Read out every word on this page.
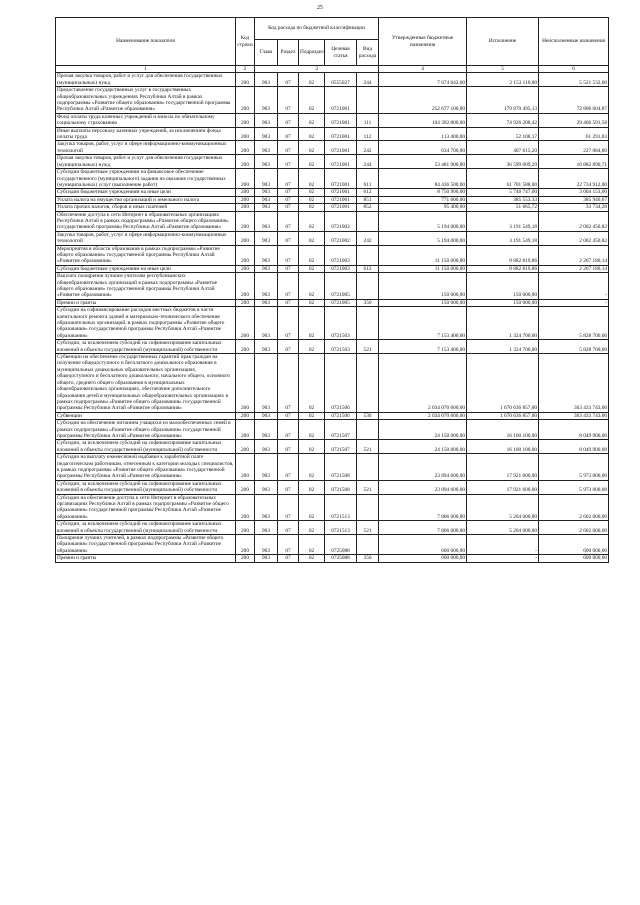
25
Наименование показателя	Код строки	Код расхода по бюджетной классификации					Утвержденные бюджетные назначения	Исполнение	Неисполненные назначения
		Глава	Раздел	Подраздел	Целевая статья	Вид расхода			
1	2	3					4	5	6
Прочая закупка товаров, работ и услуг для обеспечения государственных (муниципальных) нужд	200	903	07	02	0555027	244	7 674 642,00	2 153 110,00	5 521 532,00
Предоставление государственных услуг в государственных общеобразовательных учреждениях Республики Алтай в рамках подпрограммы «Развитие общего образования» государственной программы Республики Алтай «Развитие образования»	200	903	07	02	0721001		252 677 100,00	179 870 495,13	72 806 604,87
Фонд оплаты труда казенных учреждений и взносы по обязательному социальному страхованию	200	903	07	02	0721001	111	104 392 800,00	74 926 208,42	29 466 591,58
Иные выплаты персоналу казенных учреждений, за исключением фонда оплаты труда	200	903	07	02	0721001	112	113 400,00	52 108,17	61 291,83
Закупка товаров, работ, услуг в сфере информационно-коммуникационных технологий	200	903	07	02	0721001	242	634 700,00	407 615,20	227 084,80
Прочая закупка товаров, работ и услуг для обеспечения государственных (муниципальных) нужд	200	903	07	02	0721001	244	53 481 900,00	36 599 009,29	16 882 890,71
Субсидии бюджетным учреждениям на финансовое обеспечение государственного (муниципального) задания на оказание государственных (муниципальных) услуг (выполнение работ)	200	903	07	02	0721001	611	84 436 500,00	61 701 588,00	22 734 912,00
Субсидии бюджетным учреждениям на иные цели	200	903	07	02	0721001	612	8 750 900,00	5 746 747,00	3 004 153,00
Уплата налога на имущество организаций и земельного налога	200	903	07	02	0721001	851	771 600,00	385 553,33	385 946,67
Уплата прочих налогов, сборов и иных платежей	200	903	07	02	0721001	852	95 400,00	51 665,72	33 734,28
Обеспечение доступа к сети Интернет в образовательных организациях Республики Алтай в рамках подпрограммы «Развитие общего образования» государственной программы Республики Алтай «Развитие образования»	200	903	07	02	0721002		5 194 000,00	3 191 549,18	2 002 450,82
Закупка товаров, работ, услуг в сфере информационно-коммуникационных технологий	200	903	07	02	0721002	242	5 194 000,00	3 191 549,18	2 002 450,82
Мероприятия в области образования в рамках подпрограммы «Развитие общего образования» государственной программы Республики Алтай «Развитие образования»	200	903	07	02	0721003		11 150 000,00	8 882 819,86	2 267 180,14
Субсидии бюджетным учреждениям на иные цели	200	903	07	02	0721003	612	11 150 000,00	8 882 819,86	2 267 180,14
Выплата поощрения лучшим учителям республиканских общеобразовательных организаций в рамках подпрограммы «Развитие общего образования» государственной программы Республики Алтай «Развитие образования»	200	903	07	02	0721005		150 000,00	150 000,00	-
Премии и гранты	200	903	07	02	0721005	350	150 000,00	150 000,00	-
Субсидии на софинансирование расходов местных бюджетов в части капитального ремонта зданий и материально-технического обеспечения образовательных организаций, в рамках подпрограммы «Развитие общего образования» государственной программы Республики Алтай «Развитие образования»	200	903	07	02	0721503		7 153 400,00	1 324 700,00	5 828 700,00
Субсидии, за исключением субсидий на софинансирование капитальных вложений в объекты государственной (муниципальной) собственности	200	903	07	02	0721503	521	7 153 400,00	1 324 700,00	5 828 700,00
Субвенции на обеспечение государственных гарантий прав граждан на получение общедоступного и бесплатного дошкольного образования в муниципальных дошкольных образовательных организациях, общедоступного и бесплатного дошкольного, начального общего, основного общего, среднего общего образования в муниципальных общеобразовательных организациях, обеспечение дополнительного образования детей в муниципальных общеобразовательных организациях в рамках подпрограммы «Развитие общего образования» государственной программы Республики Алтай «Развитие образования»	200	903	07	02	0721506		2 034 070 600,00	1 670 636 857,00	363 433 743,00
Субвенции	200	903	07	02	0721506	530	2 034 070 600,00	1 670 636 857,00	363 433 743,00
Субсидии на обеспечение питанием учащихся из малообеспеченных семей в рамках подпрограммы «Развитие общего образования» государственной программы Республики Алтай «Развитие образования»	200	903	07	02	0721507		24 150 000,00	16 100 100,00	8 049 900,00
Субсидии, за исключением субсидий на софинансирование капитальных вложений в объекты государственной (муниципальной) собственности	200	903	07	02	0721507	521	24 150 000,00	16 100 100,00	8 049 900,00
Субсидии на выплату ежемесячной надбавки к заработной плате педагогическим работникам, отнесенным к категории молодых специалистов, в рамках подпрограммы «Развитие общего образования» государственной программы Республики Алтай «Развитие образования»	200	903	07	02	0721508		23 894 600,00	17 921 600,00	5 973 000,00
Субсидии, за исключением субсидий на софинансирование капитальных вложений в объекты государственной (муниципальной) собственности	200	903	07	02	0721508	521	23 894 600,00	17 921 600,00	5 973 000,00
Субсидии на обеспечение доступа к сети Интернет в образовательных организациях Республики Алтай в рамках подпрограммы «Развитие общего образования» государственной программы Республики Алтай «Развитие образования»	200	903	07	02	0721513		7 806 000,00	5 204 000,00	2 602 000,00
Субсидии, за исключением субсидий на софинансирование капитальных вложений в объекты государственной (муниципальной) собственности	200	903	07	02	0721513	521	7 806 000,00	5 204 000,00	2 602 000,00
Поощрение лучших учителей, в рамках подпрограммы «Развитие общего образования» государственной программы Республики Алтай «Развитие образования»	200	903	07	02	0725088		600 000,00	-	600 000,00
Премии и гранты	200	903	07	02	0725088	350	600 000,00	-	600 000,00
